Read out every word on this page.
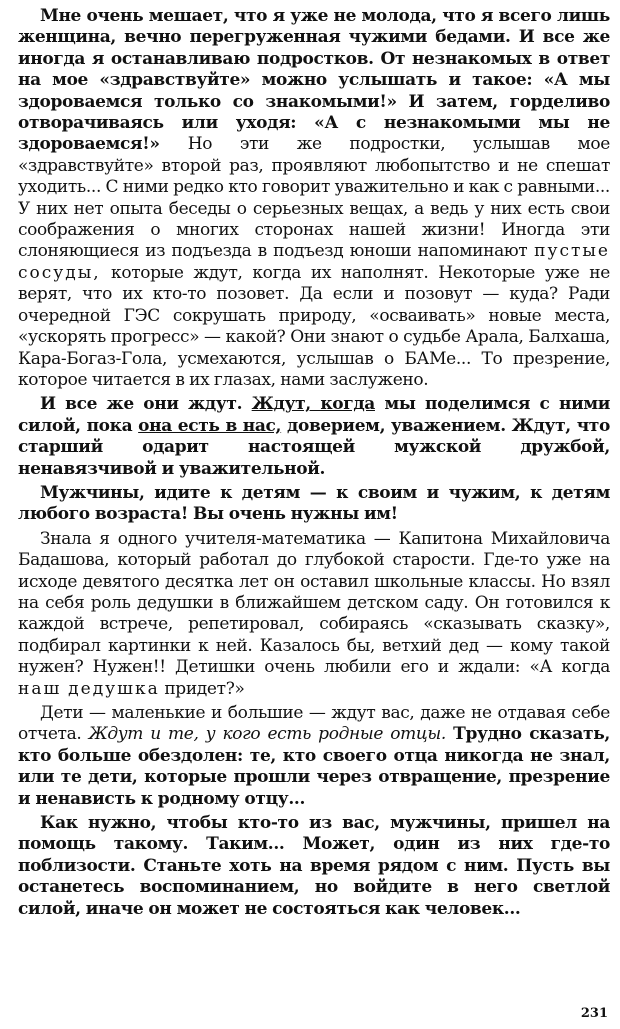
Мне очень мешает, что я уже не молода, что я всего лишь женщина, вечно перегруженная чужими бедами. И все же иногда я останавливаю подростков. От незнакомых в ответ на мое «здравствуйте» можно услышать и такое: «А мы здороваемся только со знакомыми!» И затем, горделиво отворачиваясь или уходя: «А с незнакомыми мы не здороваемся!» Но эти же подростки, услышав мое «здравствуйте» второй раз, проявляют любопытство и не спешат уходить... С ними редко кто говорит уважительно и как с равными... У них нет опыта беседы о серьезных вещах, а ведь у них есть свои соображения о многих сторонах нашей жизни! Иногда эти слоняющиеся из подъезда в подъезд юноши напоминают пустые сосуды, которые ждут, когда их наполнят. Некоторые уже не верят, что их кто-то позовет. Да если и позовут — куда? Ради очередной ГЭС сокрушать природу, «осваивать» новые места, «ускорять прогресс» — какой? Они знают о судьбе Арала, Балхаша, Кара-Богаз-Гола, усмехаются, услышав о БАМе... То презрение, которое читается в их глазах, нами заслужено.

И все же они ждут. Ждут, когда мы поделимся с ними силой, пока она есть в нас, доверием, уважением. Ждут, что старший одарит настоящей мужской дружбой, ненавязчивой и уважительной.

Мужчины, идите к детям — к своим и чужим, к детям любого возраста! Вы очень нужны им!

Знала я одного учителя-математика — Капитона Михайловича Бадашова, который работал до глубокой старости. Где-то уже на исходе девятого десятка лет он оставил школьные классы. Но взял на себя роль дедушки в ближайшем детском саду. Он готовился к каждой встрече, репетировал, собираясь «сказывать сказку», подбирал картинки к ней. Казалось бы, ветхий дед — кому такой нужен? Нужен!! Детишки очень любили его и ждали: «А когда наш дедушка придет?»

Дети — маленькие и большие — ждут вас, даже не отдавая себе отчета. Ждут и те, у кого есть родные отцы. Трудно сказать, кто больше обездолен: те, кто своего отца никогда не знал, или те дети, которые прошли через отвращение, презрение и ненависть к родному отцу...

Как нужно, чтобы кто-то из вас, мужчины, пришел на помощь такому. Таким... Может, один из них где-то поблизости. Станьте хоть на время рядом с ним. Пусть вы останетесь воспоминанием, но войдите в него светлой силой, иначе он может не состояться как человек...

231
